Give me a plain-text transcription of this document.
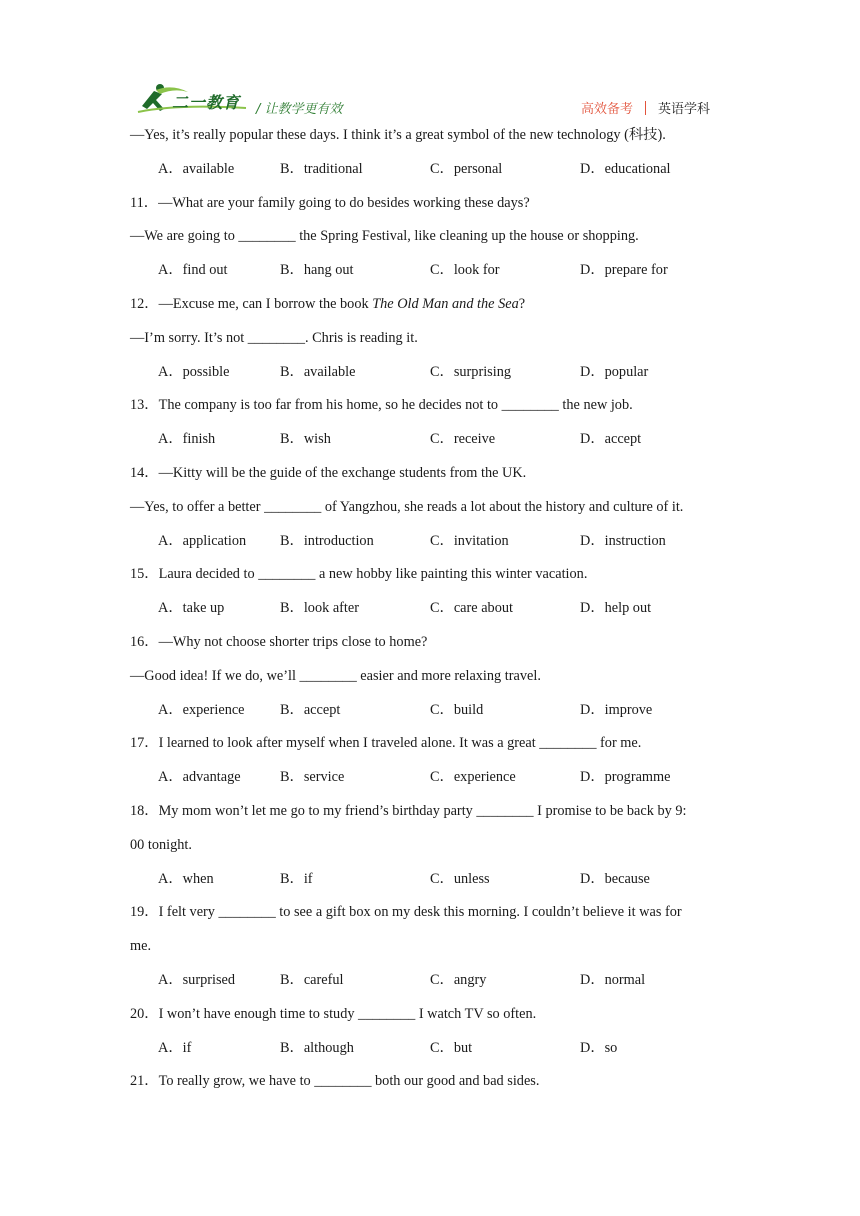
二一教育 / 让教学更有效	高效备考 英语学科
—Yes, it’s really popular these days. I think it’s a great symbol of the new technology (科技).
A．available	B．traditional	C．personal	D．educational
11．—What are your family going to do besides working these days?
—We are going to ________ the Spring Festival, like cleaning up the house or shopping.
A．find out	B．hang out	C．look for	D．prepare for
12．—Excuse me, can I borrow the book The Old Man and the Sea?
—I’m sorry. It’s not ________. Chris is reading it.
A．possible	B．available	C．surprising	D．popular
13．The company is too far from his home, so he decides not to ________ the new job.
A．finish	B．wish	C．receive	D．accept
14．—Kitty will be the guide of the exchange students from the UK.
—Yes, to offer a better ________ of Yangzhou, she reads a lot about the history and culture of it.
A．application B．introduction	C．invitation	D．instruction
15．Laura decided to ________ a new hobby like painting this winter vacation.
A．take up	B．look after	C．care about	D．help out
16．—Why not choose shorter trips close to home?
—Good idea! If we do, we’ll ________ easier and more relaxing travel.
A．experience B．accept	C．build	D．improve
17．I learned to look after myself when I traveled alone. It was a great ________ for me.
A．advantage	B．service	C．experience	D．programme
18．My mom won’t let me go to my friend’s birthday party ________ I promise to be back by 9:
00 tonight.
A．when	B．if	C．unless	D．because
19．I felt very ________ to see a gift box on my desk this morning. I couldn’t believe it was for
me.
A．surprised	B．careful	C．angry	D．normal
20．I won’t have enough time to study ________ I watch TV so often.
A．if	B．although	C．but	D．so
21．To really grow, we have to ________ both our good and bad sides.
